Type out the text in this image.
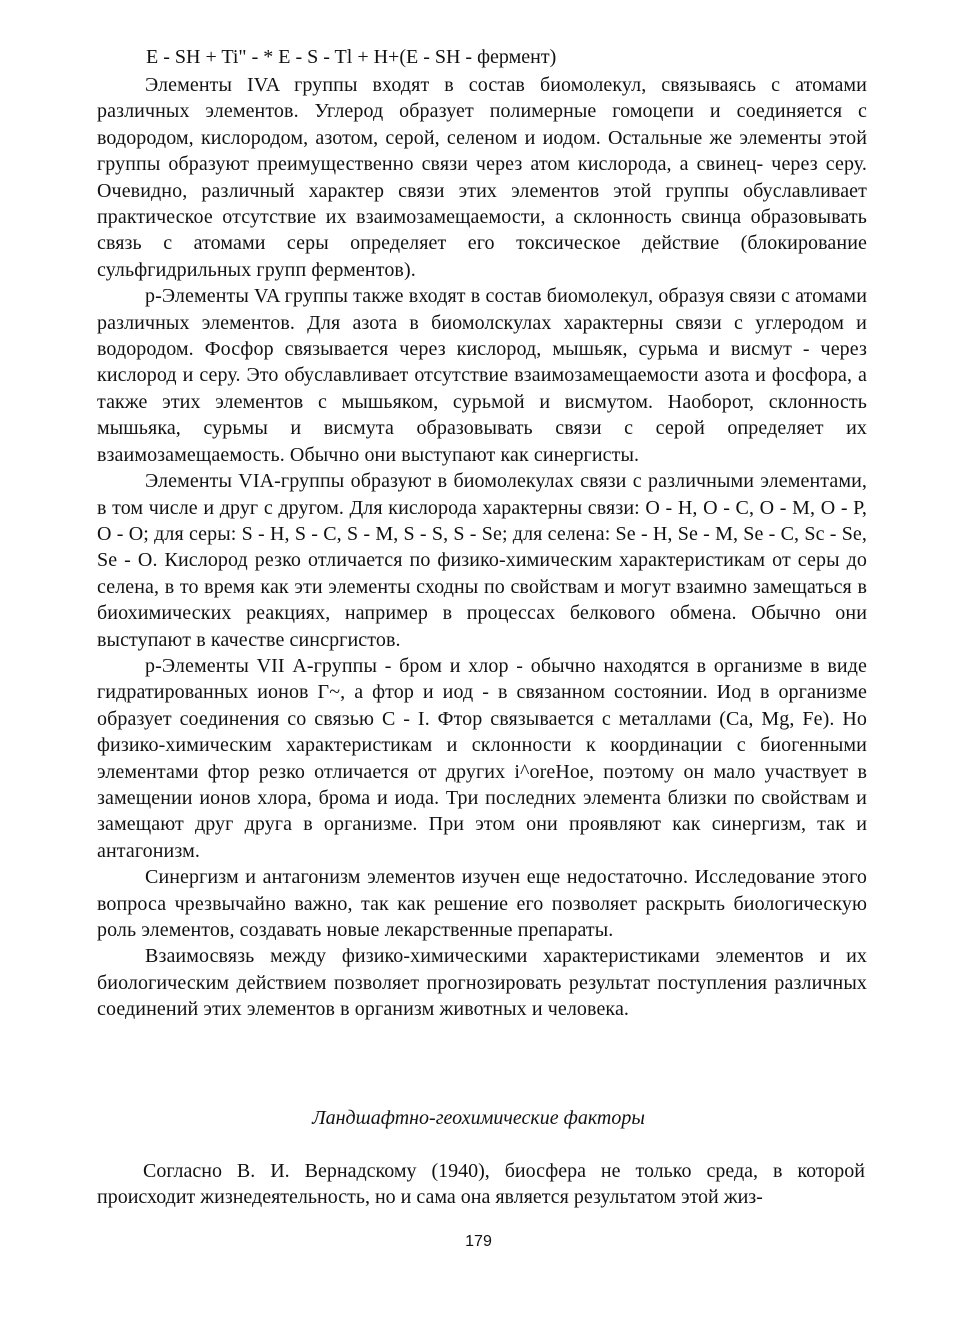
E - SH + Ti" - * E - S - Tl + H+(E - SH - фермент)

Элементы IVA группы входят в состав биомолекул, связываясь с атомами различных элементов. Углерод образует полимерные гомоцепи и соединяется с водородом, кислородом, азотом, серой, селеном и иодом. Остальные же элементы этой группы образуют преимущественно связи через атом кислорода, а свинец- через серу. Очевидно, различный характер связи этих элементов этой группы обуславливает практическое отсутствие их взаимозамещаемости, а склонность свинца образовывать связь с атомами серы определяет его токсическое действие (блокирование сульфгидрильных групп ферментов).

р-Элементы VA группы также входят в состав биомолекул, образуя связи с атомами различных элементов. Для азота в биомолскулах характерны связи с углеродом и водородом. Фосфор связывается через кислород, мышьяк, сурьма и висмут - через кислород и серу. Это обуславливает отсутствие взаимозамещаемости азота и фосфора, а также этих элементов с мышьяком, сурьмой и висмутом. Наоборот, склонность мышьяка, сурьмы и висмута образовывать связи с серой определяет их взаимозамещаемость. Обычно они выступают как синергисты.

Элементы VIA-группы образуют в биомолекулах связи с различными элементами, в том числе и друг с другом. Для кислорода характерны связи: О - Н, О - С, О - М, О - Р, О - О; для серы: S - H, S - C, S - M, S - S, S - Se; для селена: Se - H, Se - M, Se - C, Sc - Se, Se - O. Кислород резко отличается по физико-химическим характеристикам от серы до селена, в то время как эти элементы сходны по свойствам и могут взаимно замещаться в биохимических реакциях, например в процессах белкового обмена. Обычно они выступают в качестве синсргистов.

р-Элементы VII А-группы - бром и хлор - обычно находятся в организме в виде гидратированных ионов Г~, а фтор и иод - в связанном состоянии. Иод в организме образует соединения со связью С - I. Фтор связывается с металлами (Са, Mg, Fe). Но физико-химическим характеристикам и склонности к координации с биогенными элементами фтор резко отличается от других i^oreHoe, поэтому он мало участвует в замещении ионов хлора, брома и иода. Три последних элемента близки по свойствам и замещают друг друга в организме. При этом они проявляют как синергизм, так и антагонизм.

Синергизм и антагонизм элементов изучен еще недостаточно. Исследование этого вопроса чрезвычайно важно, так как решение его позволяет раскрыть биологическую роль элементов, создавать новые лекарственные препараты.

Взаимосвязь между физико-химическими характеристиками элементов и их биологическим действием позволяет прогнозировать результат поступления различных соединений этих элементов в организм животных и человека.

Ландшафтно-геохимические факторы

Согласно В. И. Вернадскому (1940), биосфера не только среда, в которой происходит жизнедеятельность, но и сама она является результатом этой жиз-

179
